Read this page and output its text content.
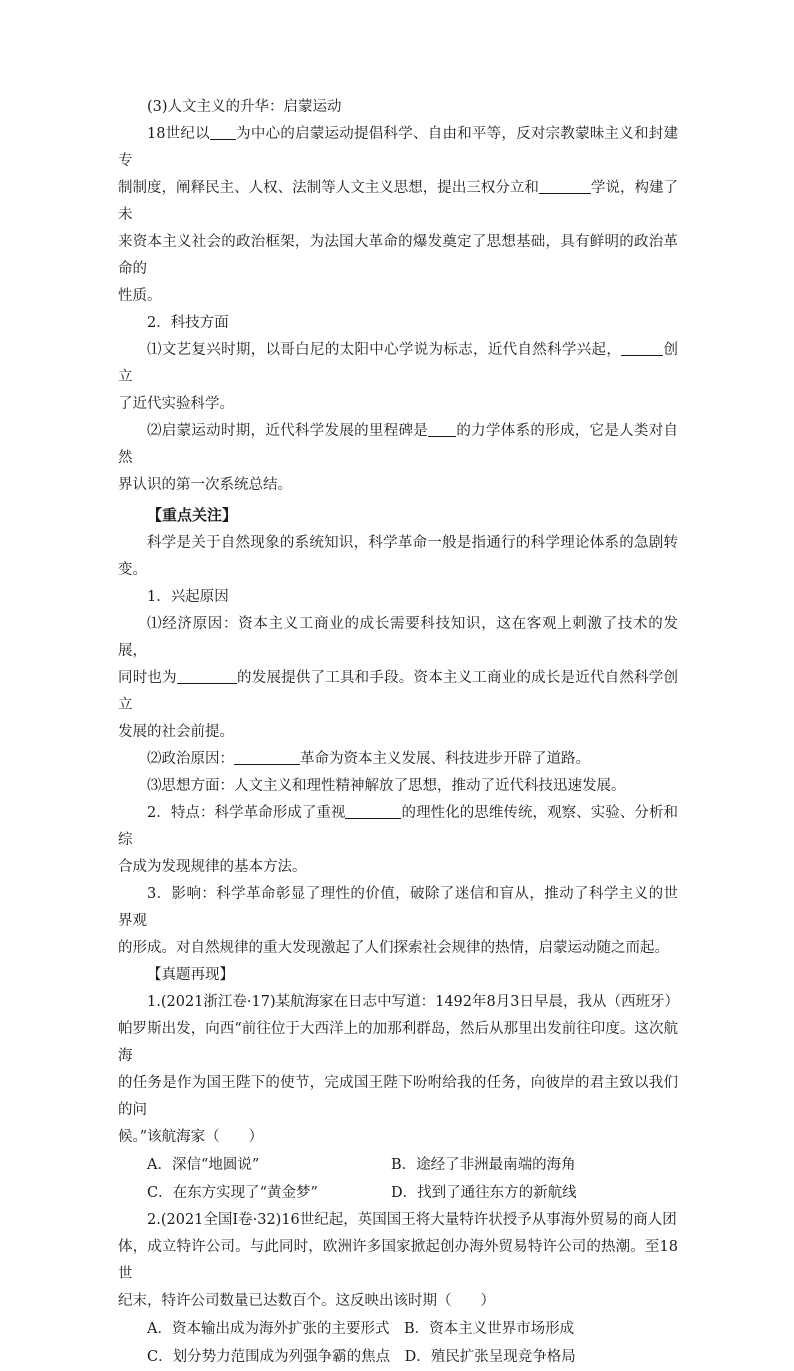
(3)人文主义的升华：启蒙运动

18世纪以 为中心的启蒙运动提倡科学、自由和平等，反对宗教蒙昧主义和封建专

制制度，阐释民主、人权、法制等人文主义思想，提出三权分立和	学说，构建了未

来资本主义社会的政治框架，为法国大革命的爆发奠定了思想基础，具有鲜明的政治革命的

性质。

2．科技方面

⑴文艺复兴时期，以哥白尼的太阳中心学说为标志，近代自然科学兴起，	创立

了近代实验科学。

⑵启蒙运动时期，近代科学发展的里程碑是 的力学体系的形成，它是人类对自然

界认识的第一次系统总结。

【重点关注】

科学是关于自然现象的系统知识，科学革命一般是指通行的科学理论体系的急剧转变。

1．兴起原因

⑴经济原因：资本主义工商业的成长需要科技知识，这在客观上刺激了技术的发展，

同时也为	的发展提供了工具和手段。资本主义工商业的成长是近代自然科学创立

发展的社会前提。

⑵政治原因：	革命为资本主义发展、科技进步开辟了道路。

⑶思想方面：人文主义和理性精神解放了思想，推动了近代科技迅速发展。

2．特点：科学革命形成了重视	的理性化的思维传统，观察、实验、分析和综

合成为发现规律的基本方法。

3．影响：科学革命彰显了理性的价值，破除了迷信和盲从，推动了科学主义的世界观

的形成。对自然规律的重大发现激起了人们探索社会规律的热情，启蒙运动随之而起。

【真题再现】

1.(2021浙江卷·17)某航海家在日志中写道：1492年8月3日早晨，我从（西班牙）

帕罗斯出发，向西“前往位于大西洋上的加那利群岛，然后从那里出发前往印度。这次航海

的任务是作为国王陛下的使节，完成国王陛下吩咐给我的任务，向彼岸的君主致以我们的问

候。”该航海家（　　）

A．深信“地圆说”	B．途经了非洲最南端的海角
C．在东方实现了“黄金梦”	D．找到了通往东方的新航线

2.(2021全国Ⅰ卷·32)16世纪起，英国国王将大量特许状授予从事海外贸易的商人团

体，成立特许公司。与此同时，欧洲许多国家掀起创办海外贸易特许公司的热潮。至18世

纪末，特许公司数量已达数百个。这反映出该时期（　　）

A．资本输出成为海外扩张的主要形式　B．资本主义世界市场形成
C．划分势力范围成为列强争霸的焦点　D．殖民扩张呈现竞争格局
